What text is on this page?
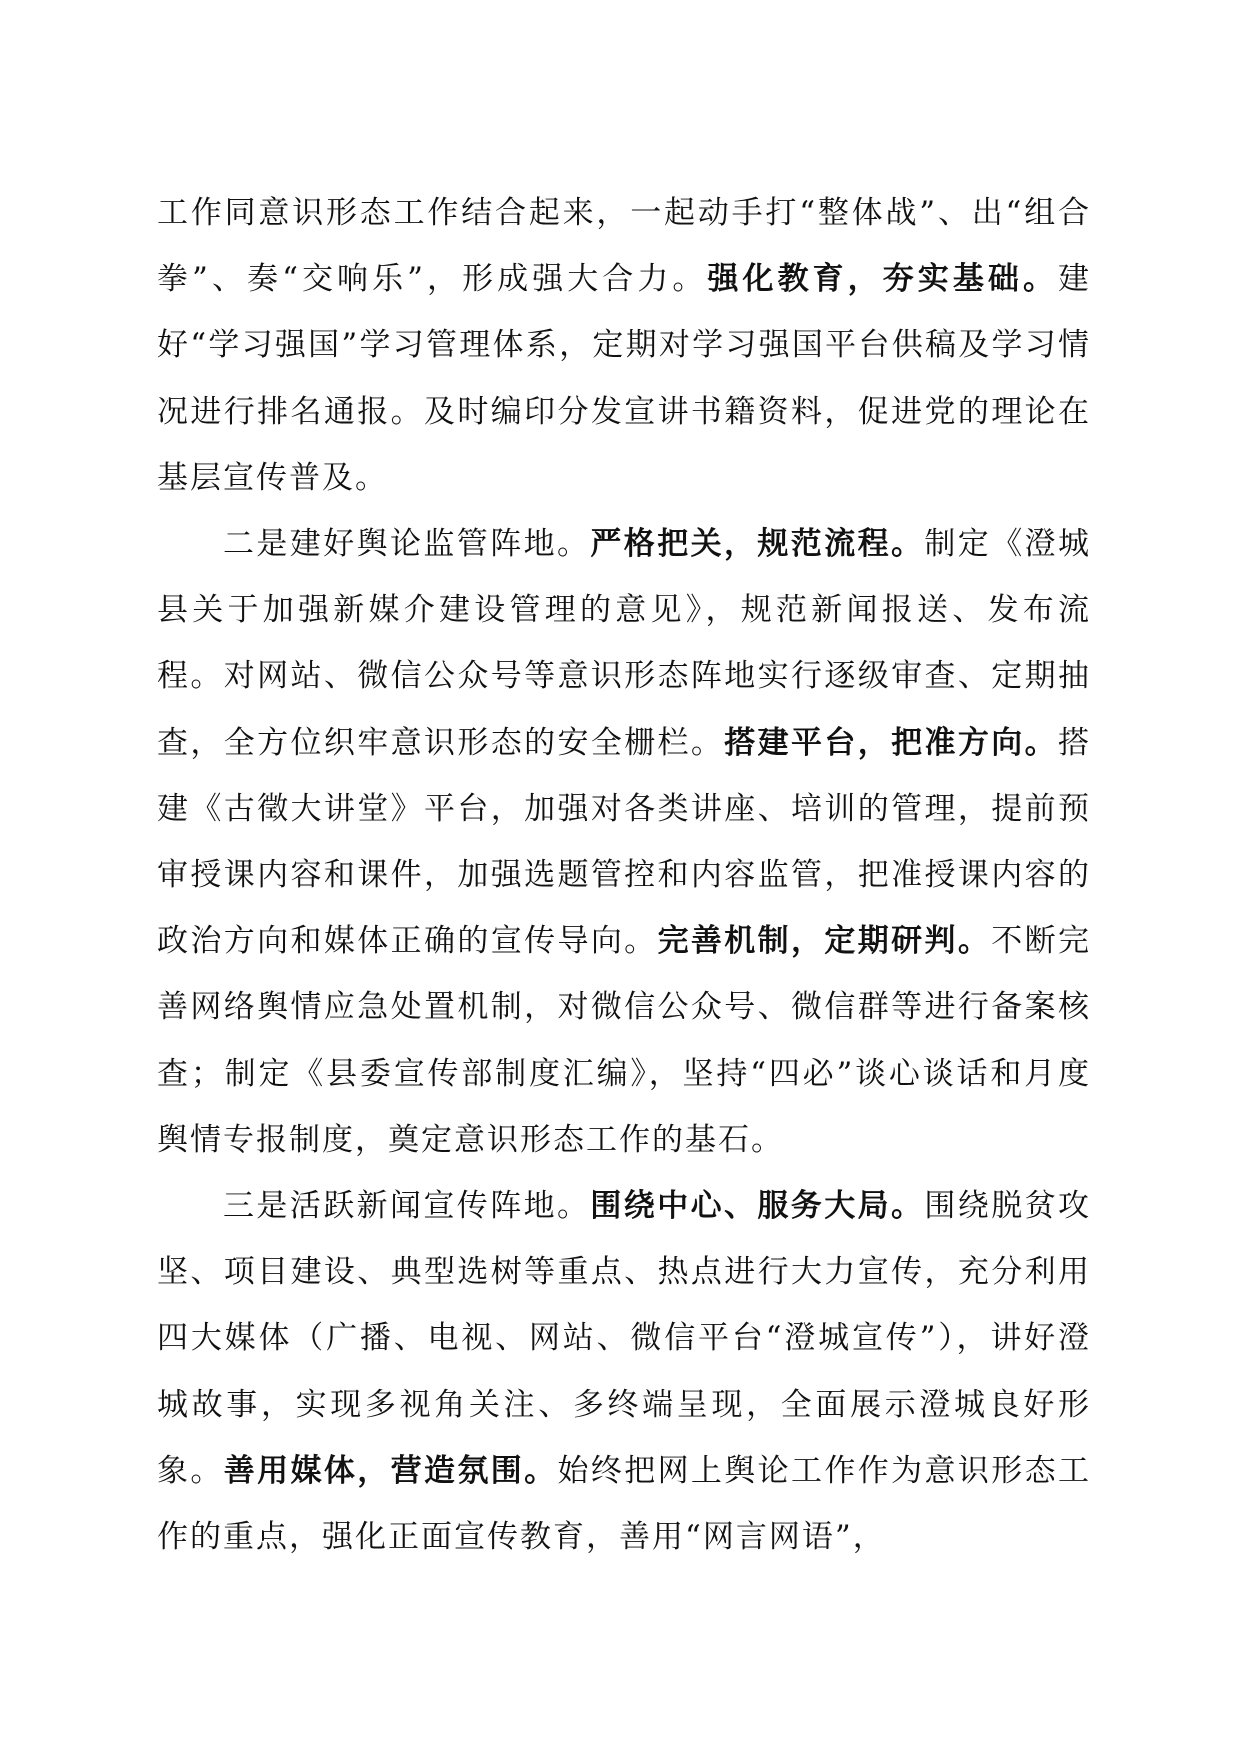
工作同意识形态工作结合起来，一起动手打“整体战”、出“组合拳”、奏“交响乐”，形成强大合力。强化教育，夯实基础。建好“学习强国”学习管理体系，定期对学习强国平台供稿及学习情况进行排名通报。及时编印分发宣讲书籍资料，促进党的理论在基层宣传普及。

二是建好舆论监管阵地。严格把关，规范流程。制定《澄城县关于加强新媒介建设管理的意见》，规范新闻报送、发布流程。对网站、微信公众号等意识形态阵地实行逐级审查、定期抽查，全方位织牢意识形态的安全栅栏。搭建平台，把准方向。搭建《古徵大讲堂》平台，加强对各类讲座、培训的管理，提前预审授课内容和课件，加强选题管控和内容监管，把准授课内容的政治方向和媒体正确的宣传导向。完善机制，定期研判。不断完善网络舆情应急处置机制，对微信公众号、微信群等进行备案核查；制定《县委宣传部制度汇编》，坚持“四必”谈心谈话和月度舆情专报制度，奠定意识形态工作的基石。

三是活跃新闻宣传阵地。围绕中心、服务大局。围绕脱贫攻坚、项目建设、典型选树等重点、热点进行大力宣传，充分利用四大媒体（广播、电视、网站、微信平台“澄城宣传”），讲好澄城故事，实现多视角关注、多终端呈现，全面展示澄城良好形象。善用媒体，营造氛围。始终把网上舆论工作作为意识形态工作的重点，强化正面宣传教育，善用“网言网语”，
